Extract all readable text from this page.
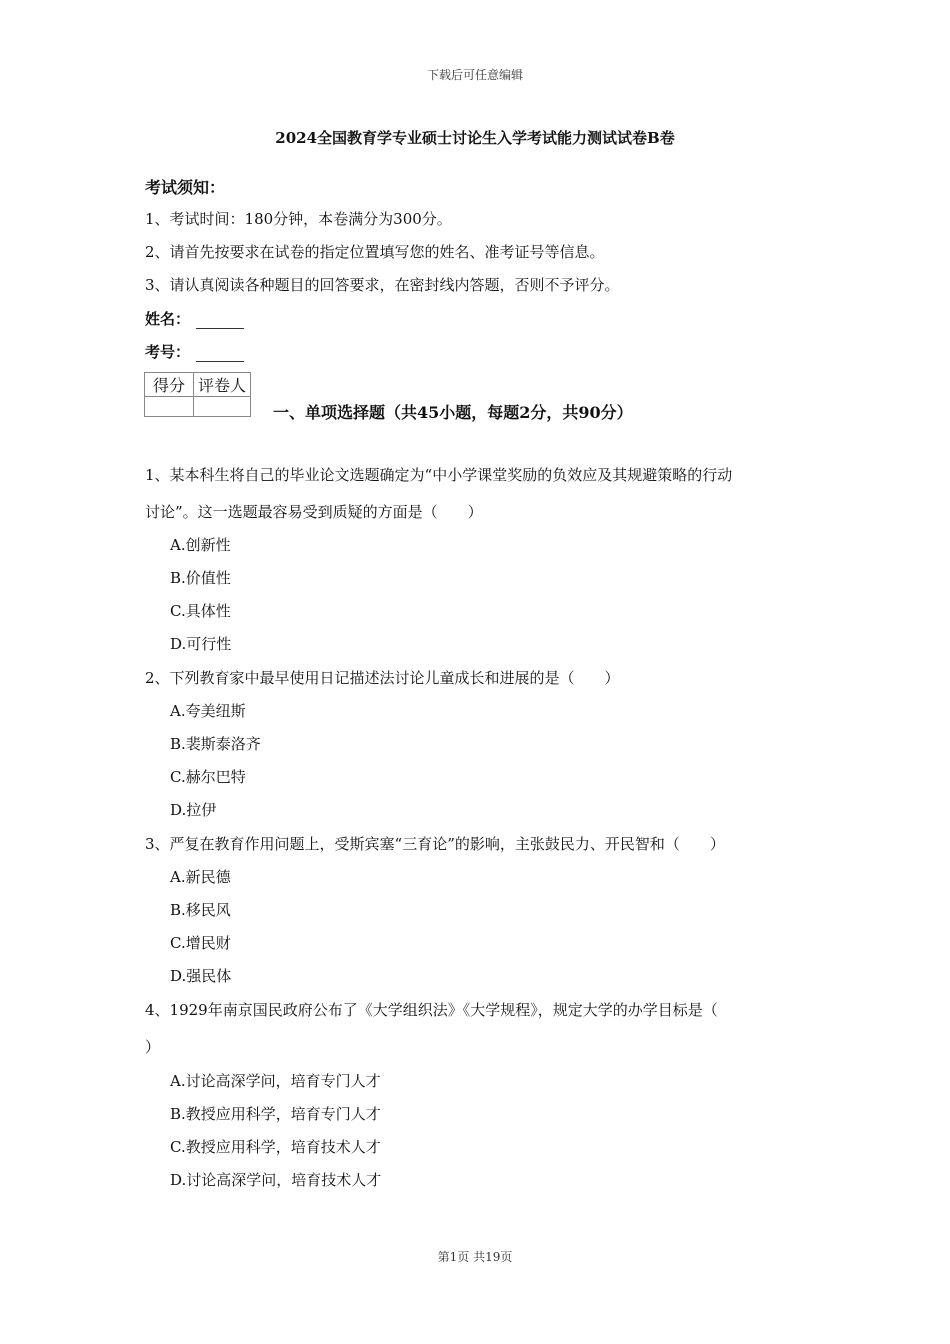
下载后可任意编辑
2024全国教育学专业硕士讨论生入学考试能力测试试卷B卷
考试须知：
1、考试时间：180分钟，本卷满分为300分。
2、请首先按要求在试卷的指定位置填写您的姓名、准考证号等信息。
3、请认真阅读各种题目的回答要求，在密封线内答题，否则不予评分。
姓名：
考号：
得分	评卷人

一、单项选择题（共45小题，每题2分，共90分）
1、某本科生将自己的毕业论文选题确定为“中小学课堂奖励的负效应及其规避策略的行动
讨论”。这一选题最容易受到质疑的方面是（　　）
A.创新性
B.价值性
C.具体性
D.可行性
2、下列教育家中最早使用日记描述法讨论儿童成长和进展的是（　　）
A.夸美纽斯
B.裴斯泰洛齐
C.赫尔巴特
D.拉伊
3、严复在教育作用问题上，受斯宾塞“三育论”的影响，主张鼓民力、开民智和（　　）
A.新民德
B.移民风
C.增民财
D.强民体
4、1929年南京国民政府公布了《大学组织法》《大学规程》，规定大学的办学目标是（
）
A.讨论高深学问，培育专门人才
B.教授应用科学，培育专门人才
C.教授应用科学，培育技术人才
D.讨论高深学问，培育技术人才
第1页 共19页
